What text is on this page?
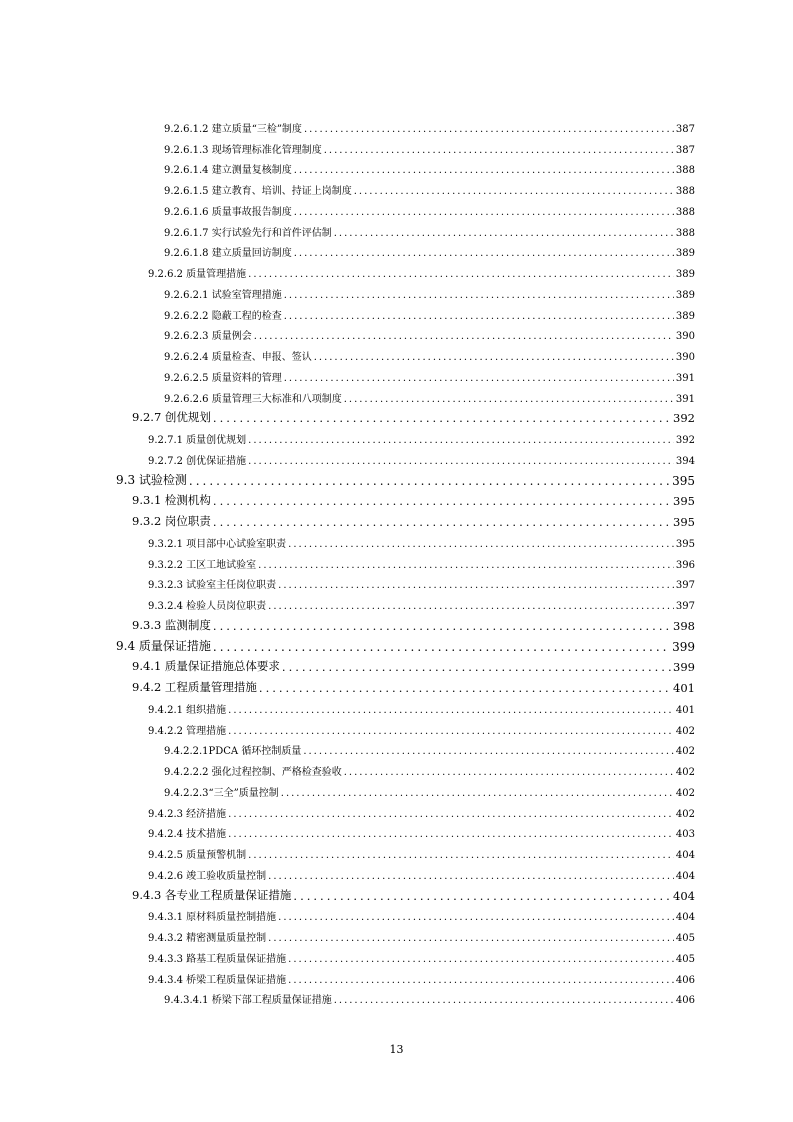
9.2.6.1.2 建立质量“三检”制度 .....	387
9.2.6.1.3 现场管理标准化管理制度 .....	387
9.2.6.1.4 建立测量复核制度 .....	388
9.2.6.1.5 建立教育、培训、持证上岗制度 .....	388
9.2.6.1.6 质量事故报告制度 .....	388
9.2.6.1.7 实行试验先行和首件评估制 .....	388
9.2.6.1.8 建立质量回访制度 .....	389
9.2.6.2 质量管理措施 .....	389
9.2.6.2.1 试验室管理措施 .....	389
9.2.6.2.2 隐蔽工程的检查 .....	389
9.2.6.2.3 质量例会 .....	390
9.2.6.2.4 质量检查、申报、签认 .....	390
9.2.6.2.5 质量资料的管理 .....	391
9.2.6.2.6 质量管理三大标准和八项制度 .....	391
9.2.7 创优规划 .....	392
9.2.7.1 质量创优规划 .....	392
9.2.7.2 创优保证措施 .....	394
9.3 试验检测 .....	395
9.3.1 检测机构 .....	395
9.3.2 岗位职责 .....	395
9.3.2.1 项目部中心试验室职责 .....	395
9.3.2.2 工区工地试验室 .....	396
9.3.2.3 试验室主任岗位职责 .....	397
9.3.2.4 检验人员岗位职责 .....	397
9.3.3 监测制度 .....	398
9.4 质量保证措施 .....	399
9.4.1 质量保证措施总体要求 .....	399
9.4.2 工程质量管理措施 .....	401
9.4.2.1 组织措施 .....	401
9.4.2.2 管理措施 .....	402
9.4.2.2.1PDCA 循环控制质量 .....	402
9.4.2.2.2 强化过程控制、严格检查验收 .....	402
9.4.2.2.3“三全”质量控制 .....	402
9.4.2.3 经济措施 .....	402
9.4.2.4 技术措施 .....	403
9.4.2.5 质量预警机制 .....	404
9.4.2.6 竣工验收质量控制 .....	404
9.4.3 各专业工程质量保证措施 .....	404
9.4.3.1 原材料质量控制措施 .....	404
9.4.3.2 精密测量质量控制 .....	405
9.4.3.3 路基工程质量保证措施 .....	405
9.4.3.4 桥梁工程质量保证措施 .....	406
9.4.3.4.1 桥梁下部工程质量保证措施 .....	406
13
